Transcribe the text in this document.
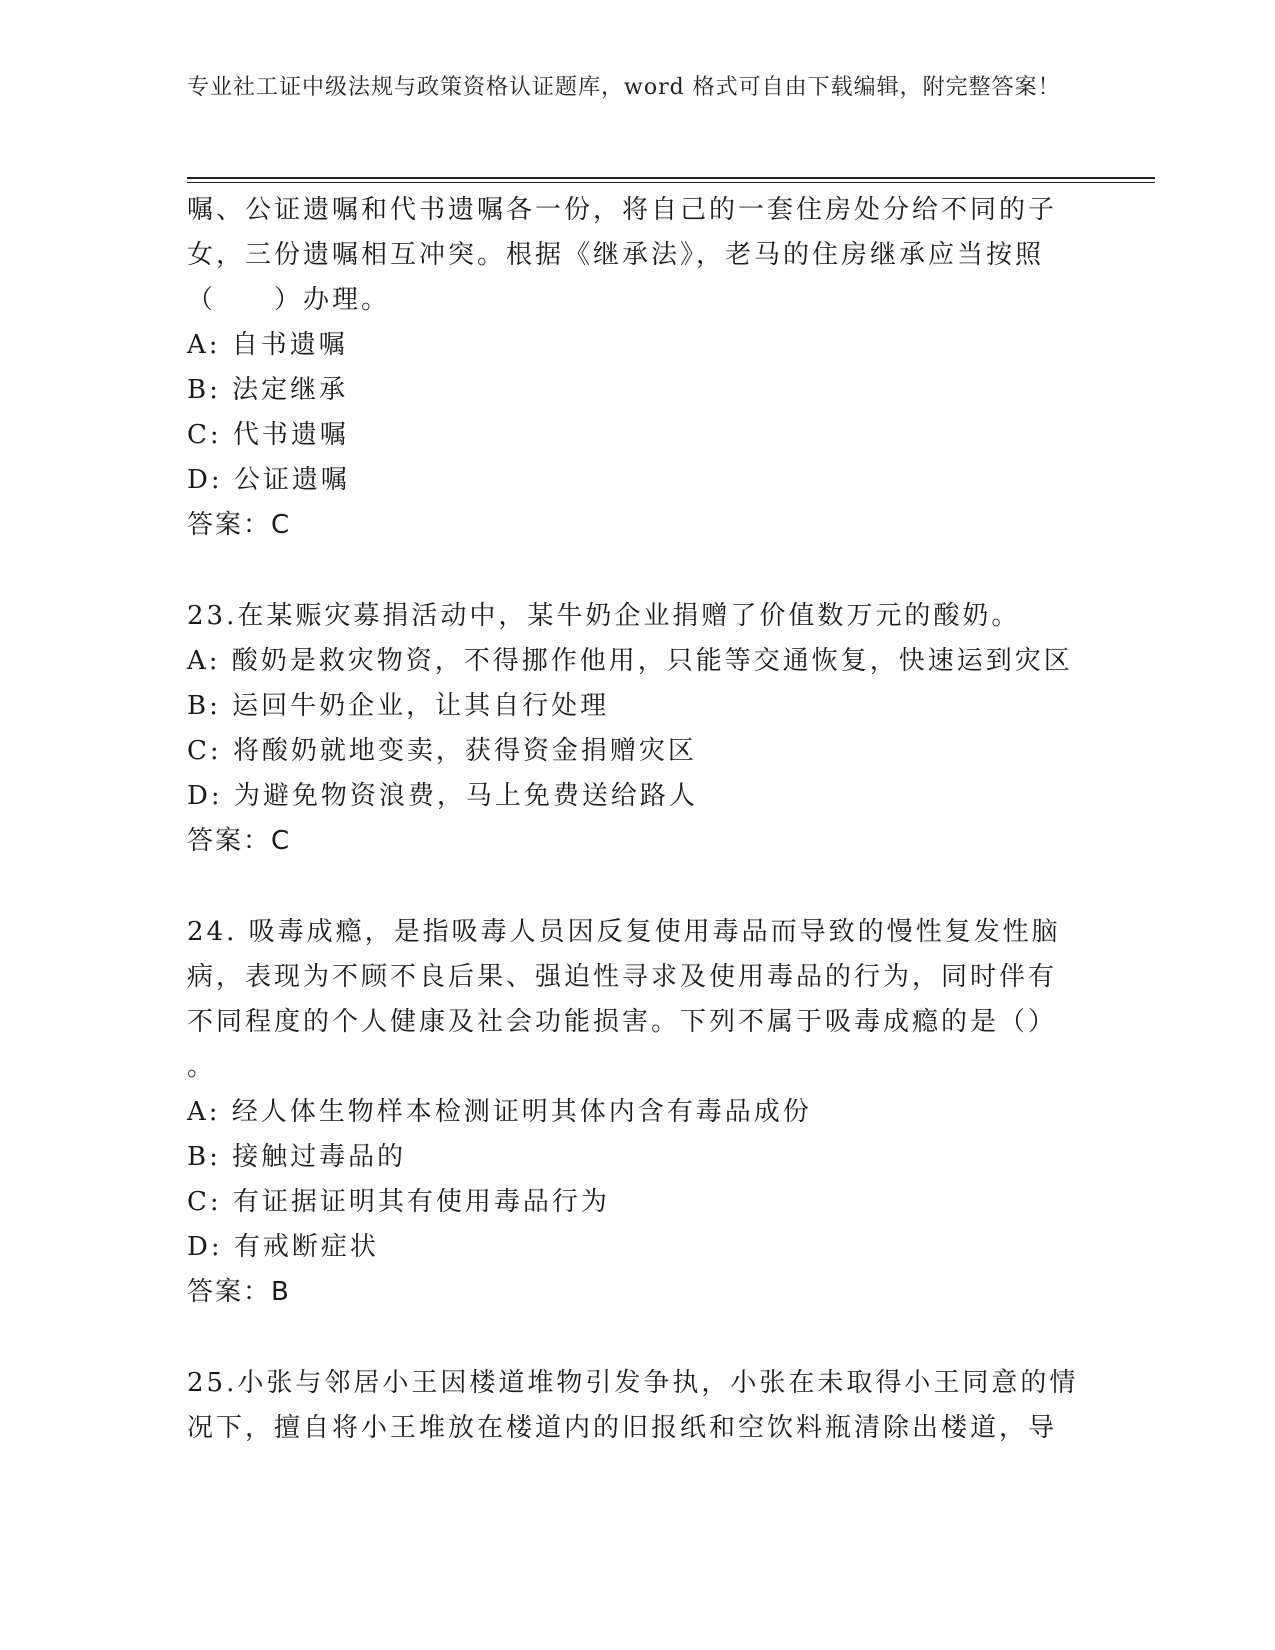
专业社工证中级法规与政策资格认证题库，word 格式可自由下载编辑，附完整答案！

嘱、公证遗嘱和代书遗嘱各一份，将自己的一套住房处分给不同的子

女，三份遗嘱相互冲突。根据《继承法》，老马的住房继承应当按照

（　　）办理。

A: 自书遗嘱

B: 法定继承

C: 代书遗嘱

D: 公证遗嘱

答案：C

23.在某赈灾募捐活动中，某牛奶企业捐赠了价值数万元的酸奶。

A: 酸奶是救灾物资，不得挪作他用，只能等交通恢复，快速运到灾区

B: 运回牛奶企业，让其自行处理

C: 将酸奶就地变卖，获得资金捐赠灾区

D: 为避免物资浪费，马上免费送给路人

答案：C

24. 吸毒成瘾，是指吸毒人员因反复使用毒品而导致的慢性复发性脑

病，表现为不顾不良后果、强迫性寻求及使用毒品的行为，同时伴有

不同程度的个人健康及社会功能损害。下列不属于吸毒成瘾的是（）

。

A: 经人体生物样本检测证明其体内含有毒品成份

B: 接触过毒品的

C: 有证据证明其有使用毒品行为

D: 有戒断症状

答案：B

25.小张与邻居小王因楼道堆物引发争执，小张在未取得小王同意的情

况下，擅自将小王堆放在楼道内的旧报纸和空饮料瓶清除出楼道，导
